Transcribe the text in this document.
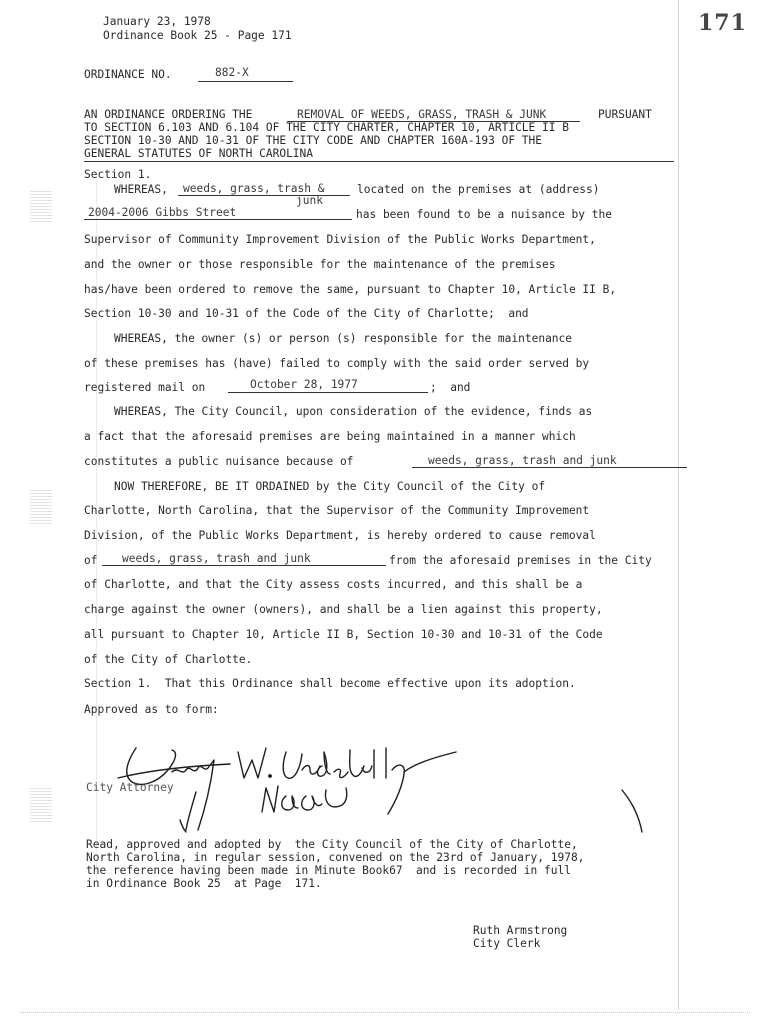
January 23, 1978
Ordinance Book 25 - Page 171	171
ORDINANCE NO.	882-X
AN ORDINANCE ORDERING THE	REMOVAL OF WEEDS, GRASS, TRASH & JUNK	PURSUANT
TO SECTION 6.103 AND 6.104 OF THE CITY CHARTER, CHAPTER 10, ARTICLE II B
SECTION 10-30 AND 10-31 OF THE CITY CODE AND CHAPTER 160A-193 OF THE
GENERAL STATUTES OF NORTH CAROLINA
Section 1.
WHEREAS, weeds, grass, trash &
junk
located on the premises at (address)
2004-2006 Gibbs Street	has been found to be a nuisance by the
Supervisor of Community Improvement Division of the Public Works Department,
and the owner or those responsible for the maintenance of the premises
has/have been ordered to remove the same, pursuant to Chapter 10, Article II B,
Section 10-30 and 10-31 of the Code of the City of Charlotte;  and
WHEREAS, the owner (s) or person (s) responsible for the maintenance
of these premises has (have) failed to comply with the said order served by
registered mail on	October 28, 1977	;  and
WHEREAS, The City Council, upon consideration of the evidence, finds as
a fact that the aforesaid premises are being maintained in a manner which
constitutes a public nuisance because of	weeds, grass, trash and junk
NOW THEREFORE, BE IT ORDAINED by the City Council of the City of
Charlotte, North Carolina, that the Supervisor of the Community Improvement
Division, of the Public Works Department, is hereby ordered to cause removal
of weeds, grass, trash and junk	from the aforesaid premises in the City
of Charlotte, and that the City assess costs incurred, and this shall be a
charge against the owner (owners), and shall be a lien against this property,
all pursuant to Chapter 10, Article II B, Section 10-30 and 10-31 of the Code
of the City of Charlotte.
Section 1.  That this Ordinance shall become effective upon its adoption.
Approved as to form:
City Attorney
Read, approved and adopted by  the City Council of the City of Charlotte,
North Carolina, in regular session, convened on the 23rd of January, 1978,
the reference having been made in Minute Book67  and is recorded in full
in Ordinance Book 25  at Page  171.
Ruth Armstrong
City Clerk
